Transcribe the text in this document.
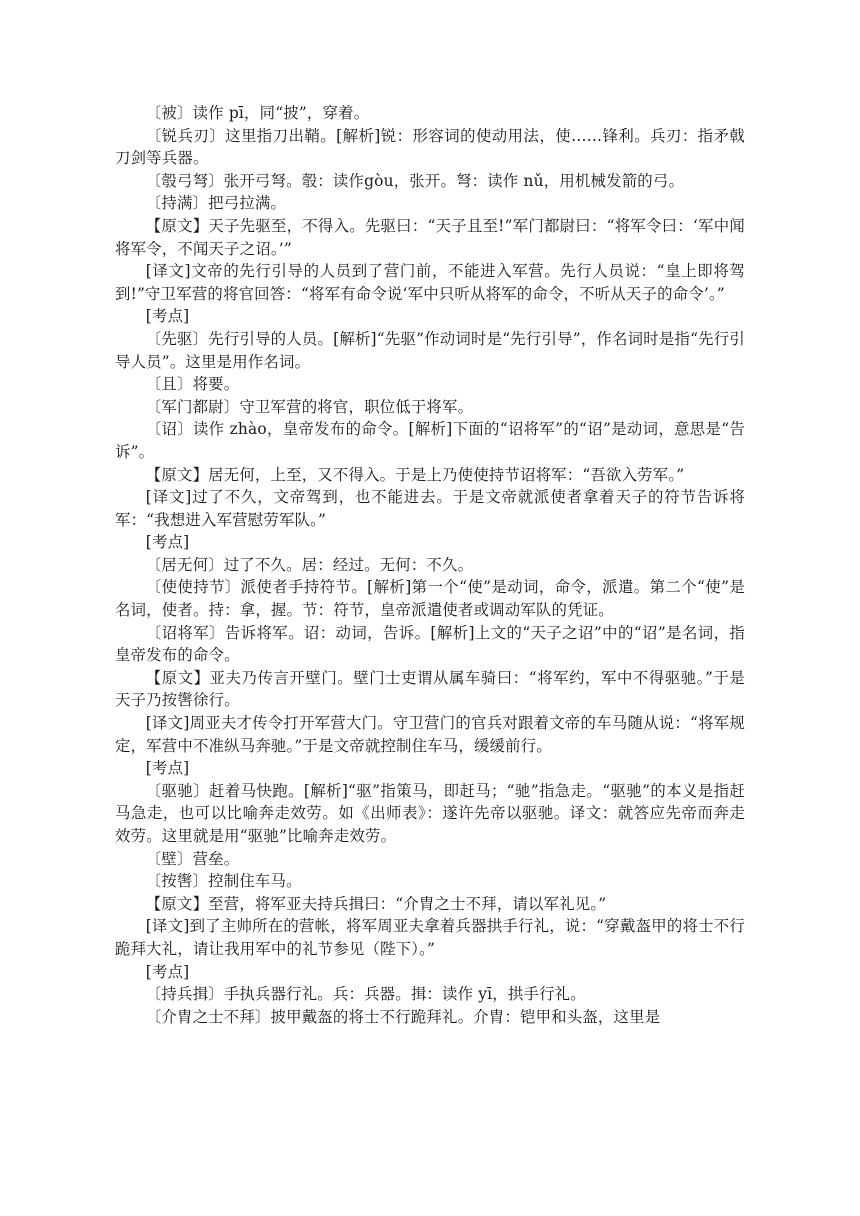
〔被〕读作 pī，同“披”，穿着。

〔锐兵刃〕这里指刀出鞘。[解析]锐：形容词的使动用法，使……锋利。兵刃：指矛戟刀剑等兵器。

〔彀弓弩〕张开弓弩。彀：读作gòu，张开。弩：读作 nǔ，用机械发箭的弓。

〔持满〕把弓拉满。

【原文】天子先驱至，不得入。先驱曰：“天子且至!”军门都尉曰：“将军令曰：‘军中闻将军令，不闻天子之诏。’”

[译文]文帝的先行引导的人员到了营门前，不能进入军营。先行人员说：“皇上即将驾到!”守卫军营的将官回答：“将军有命令说‘军中只听从将军的命令，不听从天子的命令’。”

[考点]

〔先驱〕先行引导的人员。[解析]“先驱”作动词时是“先行引导”，作名词时是指“先行引导人员”。这里是用作名词。

〔且〕将要。

〔军门都尉〕守卫军营的将官，职位低于将军。

〔诏〕读作 zhào，皇帝发布的命令。[解析]下面的“诏将军”的“诏”是动词，意思是“告诉”。

【原文】居无何，上至，又不得入。于是上乃使使持节诏将军：“吾欲入劳军。”

[译文]过了不久，文帝驾到，也不能进去。于是文帝就派使者拿着天子的符节告诉将军：“我想进入军营慰劳军队。”

[考点]

〔居无何〕过了不久。居：经过。无何：不久。

〔使使持节〕派使者手持符节。[解析]第一个“使”是动词，命令，派遣。第二个“使”是名词，使者。持：拿，握。节：符节，皇帝派遣使者或调动军队的凭证。

〔诏将军〕告诉将军。诏：动词，告诉。[解析]上文的“天子之诏”中的“诏”是名词，指皇帝发布的命令。

【原文】亚夫乃传言开壁门。壁门士吏谓从属车骑曰：“将军约，军中不得驱驰。”于是天子乃按辔徐行。

[译文]周亚夫才传令打开军营大门。守卫营门的官兵对跟着文帝的车马随从说：“将军规定，军营中不准纵马奔驰。”于是文帝就控制住车马，缓缓前行。

[考点]

〔驱驰〕赶着马快跑。[解析]“驱”指策马，即赶马；“驰”指急走。“驱驰”的本义是指赶马急走，也可以比喻奔走效劳。如《出师表》：遂许先帝以驱驰。译文：就答应先帝而奔走效劳。这里就是用“驱驰”比喻奔走效劳。

〔壁〕营垒。

〔按辔〕控制住车马。

【原文】至营，将军亚夫持兵揖曰：“介胄之士不拜，请以军礼见。”

[译文]到了主帅所在的营帐，将军周亚夫拿着兵器拱手行礼，说：“穿戴盔甲的将士不行跪拜大礼，请让我用军中的礼节参见（陛下）。”

[考点]

〔持兵揖〕手执兵器行礼。兵：兵器。揖：读作 yī，拱手行礼。

〔介胄之士不拜〕披甲戴盔的将士不行跪拜礼。介胄：铠甲和头盔，这里是
